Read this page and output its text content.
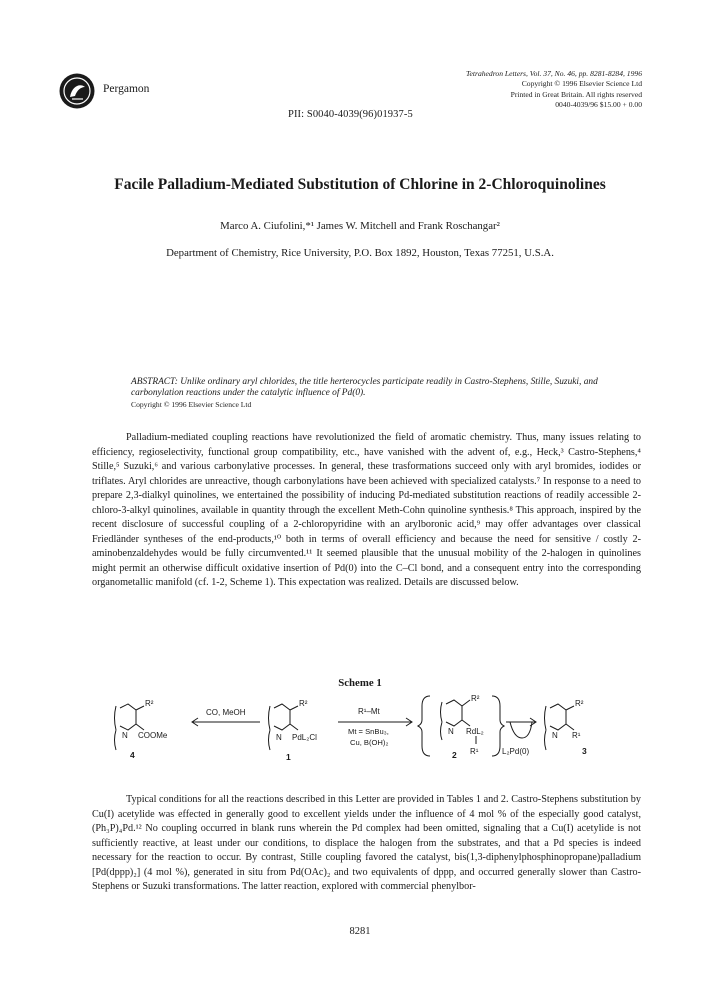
Pergamon
Tetrahedron Letters, Vol. 37, No. 46, pp. 8281-8284, 1996
Copyright © 1996 Elsevier Science Ltd
Printed in Great Britain. All rights reserved
0040-4039/96 $15.00 + 0.00
PII: S0040-4039(96)01937-5
Facile Palladium-Mediated Substitution of Chlorine in 2-Chloroquinolines
Marco A. Ciufolini,*¹ James W. Mitchell and Frank Roschangar²
Department of Chemistry, Rice University, P.O. Box 1892, Houston, Texas 77251, U.S.A.
ABSTRACT: Unlike ordinary aryl chlorides, the title herterocycles participate readily in Castro-Stephens, Stille, Suzuki, and carbonylation reactions under the catalytic influence of Pd(0).
Copyright © 1996 Elsevier Science Ltd

Palladium-mediated coupling reactions have revolutionized the field of aromatic chemistry. Thus, many issues relating to efficiency, regioselectivity, functional group compatibility, etc., have vanished with the advent of, e.g., Heck,³ Castro-Stephens,⁴ Stille,⁵ Suzuki,⁶ and various carbonylative processes. In general, these trasformations succeed only with aryl bromides, iodides or triflates. Aryl chlorides are unreactive, though carbonylations have been achieved with specialized catalysts.⁷ In response to a need to prepare 2,3-dialkyl quinolines, we entertained the possibility of inducing Pd-mediated substitution reactions of readily accessible 2-chloro-3-alkyl quinolines, available in quantity through the excellent Meth-Cohn quinoline synthesis.⁸ This approach, inspired by the recent disclosure of successful coupling of a 2-chloropyridine with an arylboronic acid,⁹ may offer advantages over classical Friedländer syntheses of the end-products,¹⁰ both in terms of overall efficiency and because the need for sensitive / costly 2-aminobenzaldehydes would be fully circumvented.¹¹ It seemed plausible that the unusual mobility of the 2-halogen in quinolines might permit an otherwise difficult oxidative insertion of Pd(0) into the C–Cl bond, and a consequent entry into the corresponding organometallic manifold (cf. 1-2, Scheme 1). This expectation was realized. Details are discussed below.

Scheme 1
R²
N COOMe
4
CO, MeOH
R²
N PdL₂Cl
1
R¹–Mt
Mt = SnBu₃,
Cu, B(OH)₂
R²
N RdL₂
R¹
2	L₂Pd(0)
R²
N R¹
3

Typical conditions for all the reactions described in this Letter are provided in Tables 1 and 2. Castro-Stephens substitution by Cu(I) acetylide was effected in generally good to excellent yields under the influence of 4 mol % of the especially good catalyst, (Ph₃P)₄Pd.¹² No coupling occurred in blank runs wherein the Pd complex had been omitted, signaling that a Cu(I) acetylide is not sufficiently reactive, at least under our conditions, to displace the halogen from the substrates, and that a Pd species is indeed necessary for the reaction to occur. By contrast, Stille coupling favored the catalyst, bis(1,3-diphenylphosphinopropane)palladium [Pd(dppp)₂] (4 mol %), generated in situ from Pd(OAc)₂ and two equivalents of dppp, and occurred generally slower than Castro-Stephens or Suzuki transformations. The latter reaction, explored with commercial phenylbor-

8281
